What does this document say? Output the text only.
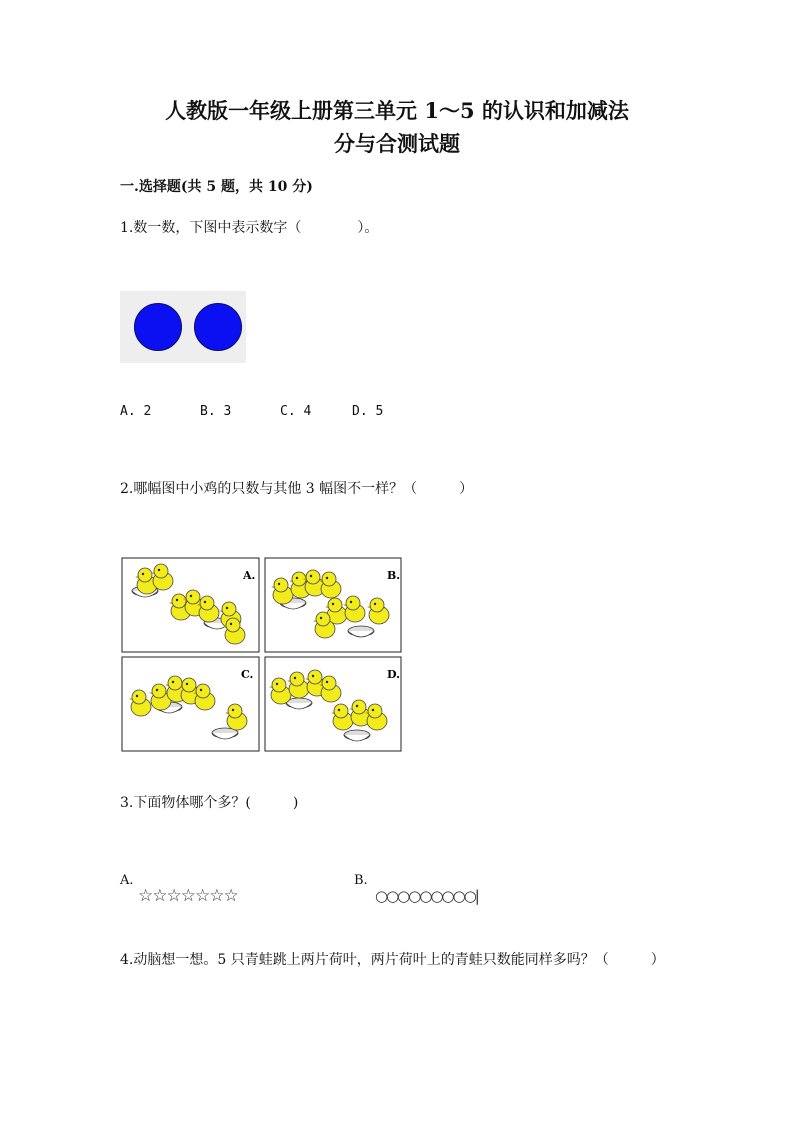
人教版一年级上册第三单元 1～5 的认识和加减法
分与合测试题
一.选择题(共 5 题，共 10 分)
1.数一数，下图中表示数字（　　　　）。
A. 2	B. 3	C. 4	D. 5
2.哪幅图中小鸡的只数与其他 3 幅图不一样？（　　　）
A.	B.
C.	D.
3.下面物体哪个多？(　　　)
A.
☆☆☆☆☆☆☆
B.
○○○○○○○○○|
4.动脑想一想。5 只青蛙跳上两片荷叶，两片荷叶上的青蛙只数能同样多吗？（　　　）
